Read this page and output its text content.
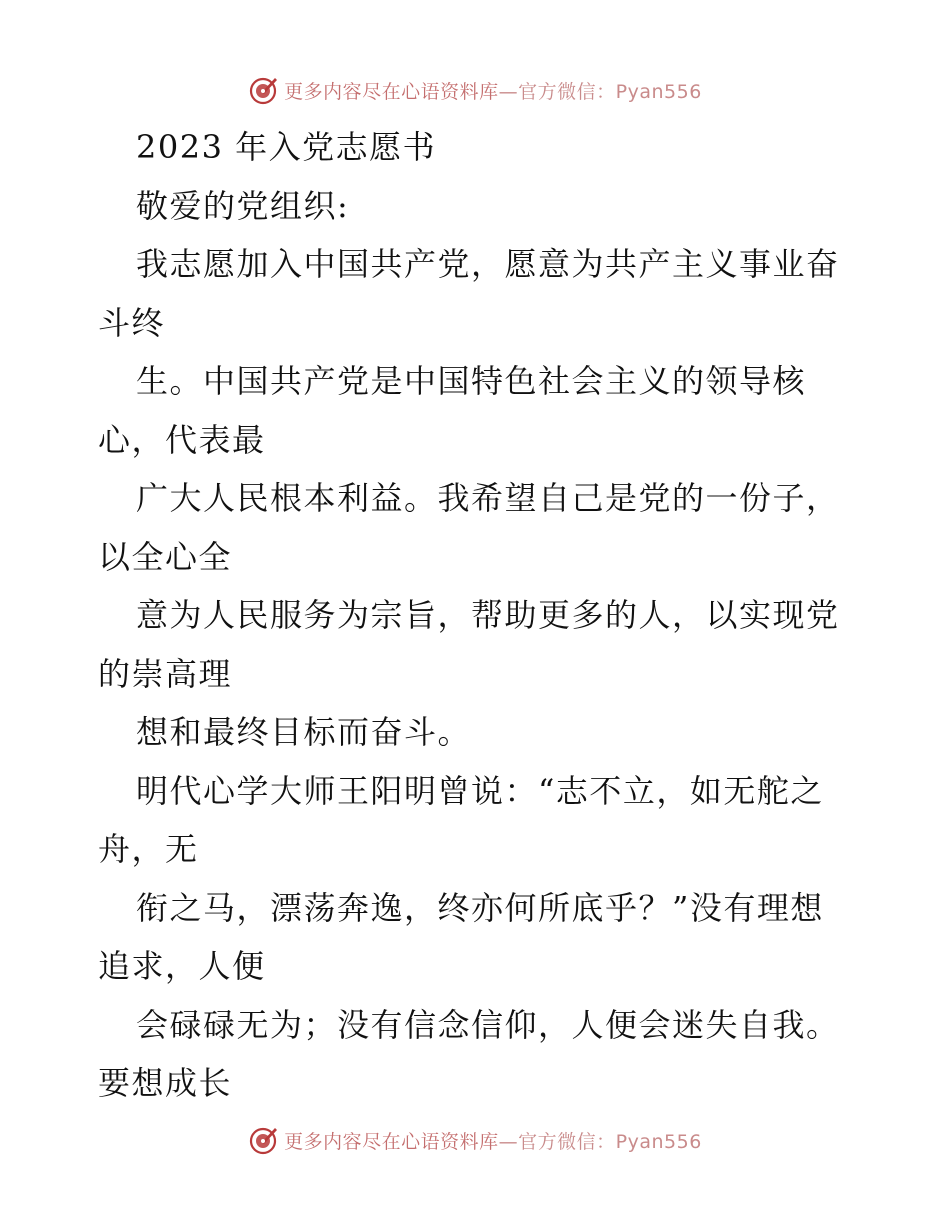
更多内容尽在心语资料库—官方微信：Pyan556
2023 年入党志愿书
敬爱的党组织:
我志愿加入中国共产党，愿意为共产主义事业奋
斗终
生。中国共产党是中国特色社会主义的领导核
心，代表最
广大人民根本利益。我希望自己是党的一份子，
以全心全
意为人民服务为宗旨，帮助更多的人，以实现党
的崇高理
想和最终目标而奋斗。
明代心学大师王阳明曾说：“志不立，如无舵之
舟，无
衔之马，漂荡奔逸，终亦何所底乎？”没有理想
追求，人便
会碌碌无为；没有信念信仰，人便会迷失自我。
要想成长
更多内容尽在心语资料库—官方微信：Pyan556
